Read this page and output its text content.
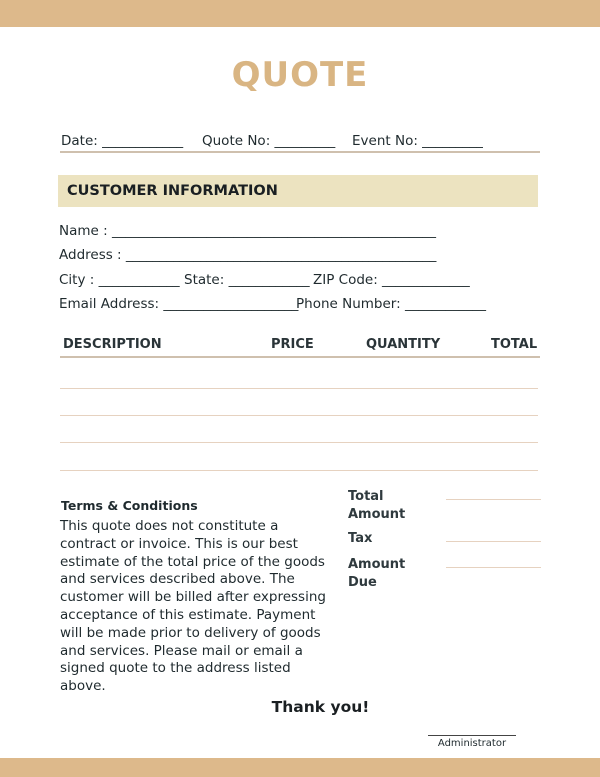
QUOTE
Date: ____________ Quote No: _________ Event No: _________
CUSTOMER INFORMATION
Name : ________________________________________________
Address : ______________________________________________
City : ____________ State: ____________ ZIP Code: _____________
Email Address: ____________________
Phone Number: ____________
DESCRIPTION	PRICE	QUANTITY	TOTAL
Terms & Conditions
This quote does not constitute a contract or invoice. This is our best estimate of the total price of the goods and services described above. The customer will be billed after expressing acceptance of this estimate. Payment will be made prior to delivery of goods and services. Please mail or email a signed quote to the address listed above.
Total Amount
Tax
Amount Due
Thank you!
Administrator
